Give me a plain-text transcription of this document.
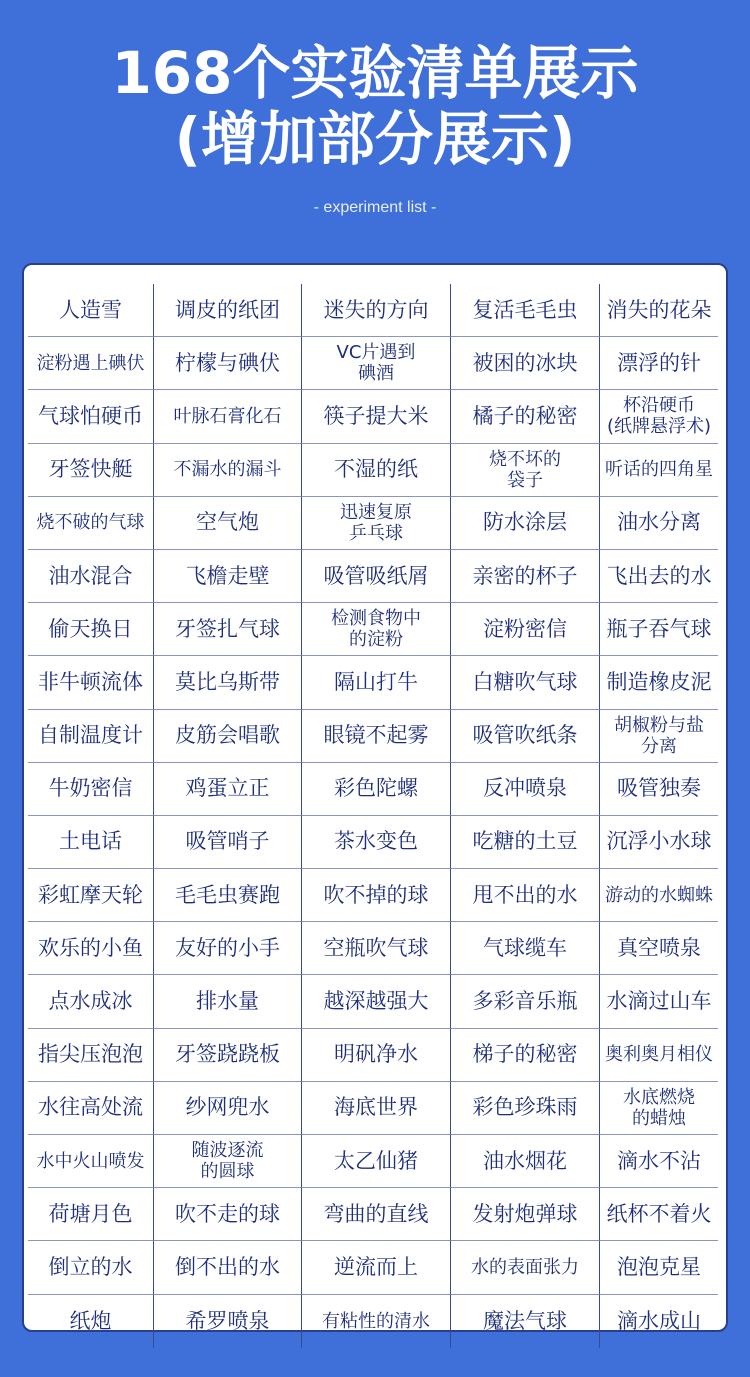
168个实验清单展示
(增加部分展示)
- experiment list -
人造雪	调皮的纸团	迷失的方向	复活毛毛虫	消失的花朵
淀粉遇上碘伏	柠檬与碘伏	VC片遇到
碘酒	被困的冰块	漂浮的针
气球怕硬币	叶脉石膏化石	筷子提大米	橘子的秘密	杯沿硬币
(纸牌悬浮术)
牙签快艇	不漏水的漏斗	不湿的纸	烧不坏的
袋子	听话的四角星
烧不破的气球	空气炮	迅速复原
乒乓球	防水涂层	油水分离
油水混合	飞檐走壁	吸管吸纸屑	亲密的杯子	飞出去的水
偷天换日	牙签扎气球	检测食物中
的淀粉	淀粉密信	瓶子吞气球
非牛顿流体	莫比乌斯带	隔山打牛	白糖吹气球	制造橡皮泥
自制温度计	皮筋会唱歌	眼镜不起雾	吸管吹纸条	胡椒粉与盐
分离
牛奶密信	鸡蛋立正	彩色陀螺	反冲喷泉	吸管独奏
土电话	吸管哨子	茶水变色	吃糖的土豆	沉浮小水球
彩虹摩天轮	毛毛虫赛跑	吹不掉的球	甩不出的水	游动的水蜘蛛
欢乐的小鱼	友好的小手	空瓶吹气球	气球缆车	真空喷泉
点水成冰	排水量	越深越强大	多彩音乐瓶	水滴过山车
指尖压泡泡	牙签跷跷板	明矾净水	梯子的秘密	奥利奥月相仪
水往高处流	纱网兜水	海底世界	彩色珍珠雨	水底燃烧
的蜡烛
水中火山喷发	随波逐流
的圆球	太乙仙猪	油水烟花	滴水不沾
荷塘月色	吹不走的球	弯曲的直线	发射炮弹球	纸杯不着火
倒立的水	倒不出的水	逆流而上	水的表面张力	泡泡克星
纸炮	希罗喷泉	有粘性的清水	魔法气球	滴水成山
